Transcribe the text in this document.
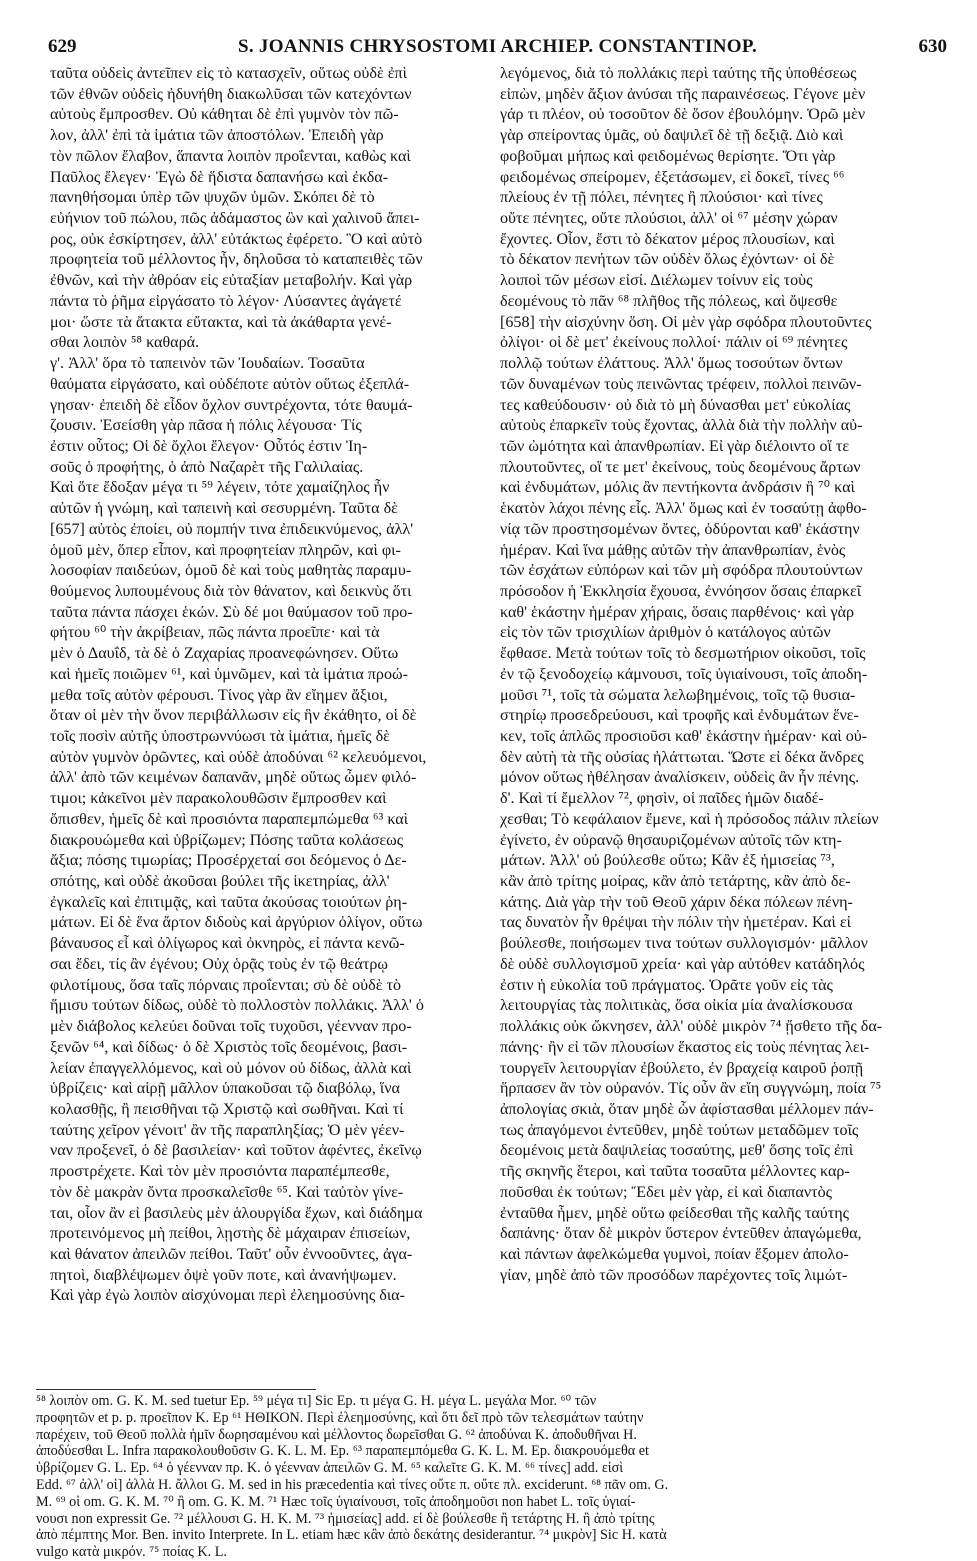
629	S. JOANNIS CHRYSOSTOMI ARCHIEP. CONSTANTINOP.	630
ταῦτα οὐδεὶς ἀντεῖπεν εἰς τὸ κατασχεῖν, οὕτως οὐδὲ ἐπὶ
τῶν ἐθνῶν οὐδεὶς ἠδυνήθη διακωλῦσαι τῶν κατεχόντων
αὐτοὺς ἔμπροσθεν. Οὐ κάθηται δὲ ἐπὶ γυμνὸν τὸν πῶ-
λον, ἀλλ' ἐπὶ τὰ ἱμάτια τῶν ἀποστόλων. Ἐπειδὴ γὰρ
τὸν πῶλον ἔλαβον, ἅπαντα λοιπὸν προΐενται, καθὼς καὶ
Παῦλος ἔλεγεν· Ἐγὼ δὲ ἥδιστα δαπανήσω καὶ ἐκδα-
πανηθήσομαι ὑπὲρ τῶν ψυχῶν ὑμῶν. Σκόπει δὲ τὸ
εὐήνιον τοῦ πώλου, πῶς ἀδάμαστος ὢν καὶ χαλινοῦ ἄπει-
ρος, οὐκ ἐσκίρτησεν, ἀλλ' εὐτάκτως ἐφέρετο. Ὃ καὶ αὐτὸ
προφητεία τοῦ μέλλοντος ἦν, δηλοῦσα τὸ καταπειθὲς τῶν
ἐθνῶν, καὶ τὴν ἀθρόαν εἰς εὐταξίαν μεταβολήν. Καὶ γὰρ
πάντα τὸ ῥῆμα εἰργάσατο τὸ λέγον· Λύσαντες ἀγάγετέ
μοι· ὥστε τὰ ἄτακτα εὔτακτα, καὶ τὰ ἀκάθαρτα γενέ-
σθαι λοιπὸν ⁵⁸ καθαρά.
γ'. Ἀλλ' ὅρα τὸ ταπεινὸν τῶν Ἰουδαίων. Τοσαῦτα
θαύματα εἰργάσατο, καὶ οὐδέποτε αὐτὸν οὕτως ἐξεπλά-
γησαν· ἐπειδὴ δὲ εἶδον ὄχλον συντρέχοντα, τότε θαυμά-
ζουσιν. Ἐσείσθη γὰρ πᾶσα ἡ πόλις λέγουσα· Τίς
ἐστιν οὗτος; Οἱ δὲ ὄχλοι ἔλεγον· Οὗτός ἐστιν Ἰη-
σοῦς ὁ προφήτης, ὁ ἀπὸ Ναζαρὲτ τῆς Γαλιλαίας.
Καὶ ὅτε ἔδοξαν μέγα τι ⁵⁹ λέγειν, τότε χαμαίζηλος ἦν
αὐτῶν ἡ γνώμη, καὶ ταπεινὴ καὶ σεσυρμένη. Ταῦτα δὲ
[657] αὐτὸς ἐποίει, οὐ πομπήν τινα ἐπιδεικνύμενος, ἀλλ'
ὁμοῦ μὲν, ὅπερ εἶπον, καὶ προφητείαν πληρῶν, καὶ φι-
λοσοφίαν παιδεύων, ὁμοῦ δὲ καὶ τοὺς μαθητὰς παραμυ-
θούμενος λυπουμένους διὰ τὸν θάνατον, καὶ δεικνὺς ὅτι
ταῦτα πάντα πάσχει ἑκών. Σὺ δέ μοι θαύμασον τοῦ προ-
φήτου ⁶⁰ τὴν ἀκρίβειαν, πῶς πάντα προεῖπε· καὶ τὰ
μὲν ὁ Δαυΐδ, τὰ δὲ ὁ Ζαχαρίας προανεφώνησεν. Οὕτω
καὶ ἡμεῖς ποιῶμεν ⁶¹, καὶ ὑμνῶμεν, καὶ τὰ ἱμάτια προώ-
μεθα τοῖς αὐτὸν φέρουσι. Τίνος γὰρ ἂν εἴημεν ἄξιοι,
ὅταν οἱ μὲν τὴν ὄνον περιβάλλωσιν εἰς ἣν ἐκάθητο, οἱ δὲ
τοῖς ποσὶν αὐτῆς ὑποστρωννύωσι τὰ ἱμάτια, ἡμεῖς δὲ
αὐτὸν γυμνὸν ὁρῶντες, καὶ οὐδὲ ἀποδύναι ⁶² κελευόμενοι,
ἀλλ' ἀπὸ τῶν κειμένων δαπανᾶν, μηδὲ οὕτως ὦμεν φιλό-
τιμοι; κἀκεῖνοι μὲν παρακολουθῶσιν ἔμπροσθεν καὶ
ὄπισθεν, ἡμεῖς δὲ καὶ προσιόντα παραπεμπώμεθα ⁶³ καὶ
διακρουώμεθα καὶ ὑβρίζωμεν; Πόσης ταῦτα κολάσεως
ἄξια; πόσης τιμωρίας; Προσέρχεταί σοι δεόμενος ὁ Δε-
σπότης, καὶ οὐδὲ ἀκοῦσαι βούλει τῆς ἱκετηρίας, ἀλλ'
ἐγκαλεῖς καὶ ἐπιτιμᾷς, καὶ ταῦτα ἀκούσας τοιούτων ῥη-
μάτων. Εἰ δὲ ἕνα ἄρτον διδοὺς καὶ ἀργύριον ὀλίγον, οὕτω
βάναυσος εἶ καὶ ὀλίγωρος καὶ ὀκνηρὸς, εἰ πάντα κενῶ-
σαι ἔδει, τίς ἂν ἐγένου; Οὐχ ὁρᾷς τοὺς ἐν τῷ θεάτρῳ
φιλοτίμους, ὅσα ταῖς πόρναις προΐενται; σὺ δὲ οὐδὲ τὸ
ἥμισυ τούτων δίδως, οὐδὲ τὸ πολλοστὸν πολλάκις. Ἀλλ' ὁ
μὲν διάβολος κελεύει δοῦναι τοῖς τυχοῦσι, γέενναν προ-
ξενῶν ⁶⁴, καὶ δίδως· ὁ δὲ Χριστὸς τοῖς δεομένοις, βασι-
λείαν ἐπαγγελλόμενος, καὶ οὐ μόνον οὐ δίδως, ἀλλὰ καὶ
ὑβρίζεις· καὶ αἱρῇ μᾶλλον ὑπακοῦσαι τῷ διαβόλῳ, ἵνα
κολασθῇς, ἢ πεισθῆναι τῷ Χριστῷ καὶ σωθῆναι. Καὶ τί
ταύτης χεῖρον γένοιτ' ἂν τῆς παραπληξίας; Ὁ μὲν γέεν-
ναν προξενεῖ, ὁ δὲ βασιλείαν· καὶ τοῦτον ἀφέντες, ἐκεῖνῳ
προστρέχετε. Καὶ τὸν μὲν προσιόντα παραπέμπεσθε,
τὸν δὲ μακρὰν ὄντα προσκαλεῖσθε ⁶⁵. Καὶ ταὐτὸν γίνε-
ται, οἷον ἂν εἰ βασιλεὺς μὲν ἁλουργίδα ἔχων, καὶ διάδημα
προτεινόμενος μὴ πείθοι, λῃστὴς δὲ μάχαιραν ἐπισείων,
καὶ θάνατον ἀπειλῶν πείθοι. Ταῦτ' οὖν ἐννοοῦντες, ἀγα-
πητοὶ, διαβλέψωμεν ὀψὲ γοῦν ποτε, καὶ ἀνανήψωμεν.
Καὶ γὰρ ἐγὼ λοιπὸν αἰσχύνομαι περὶ ἐλεημοσύνης δια-
λεγόμενος, διὰ τὸ πολλάκις περὶ ταύτης τῆς ὑποθέσεως
εἰπὼν, μηδὲν ἄξιον ἀνύσαι τῆς παραινέσεως. Γέγονε μὲν
γάρ τι πλέον, οὐ τοσοῦτον δὲ ὅσον ἐβουλόμην. Ὁρῶ μὲν
γὰρ σπείροντας ὑμᾶς, οὐ δαψιλεῖ δὲ τῇ δεξιᾷ. Διὸ καὶ
φοβοῦμαι μήπως καὶ φειδομένως θερίσητε. Ὅτι γὰρ
φειδομένως σπείρομεν, ἐξετάσωμεν, εἰ δοκεῖ, τίνες ⁶⁶
πλείους ἐν τῇ πόλει, πένητες ἢ πλούσιοι· καὶ τίνες
οὔτε πένητες, οὔτε πλούσιοι, ἀλλ' οἱ ⁶⁷ μέσην χώραν
ἔχοντες. Οἷον, ἔστι τὸ δέκατον μέρος πλουσίων, καὶ
τὸ δέκατον πενήτων τῶν οὐδὲν ὅλως ἐχόντων· οἱ δὲ
λοιποὶ τῶν μέσων εἰσί. Διέλωμεν τοίνυν εἰς τοὺς
δεομένους τὸ πᾶν ⁶⁸ πλῆθος τῆς πόλεως, καὶ ὄψεσθε
[658] τὴν αἰσχύνην ὅση. Οἱ μὲν γὰρ σφόδρα πλουτοῦντες
ὀλίγοι· οἱ δὲ μετ' ἐκείνους πολλοί· πάλιν οἱ ⁶⁹ πένητες
πολλῷ τούτων ἐλάττους. Ἀλλ' ὅμως τοσούτων ὄντων
τῶν δυναμένων τοὺς πεινῶντας τρέφειν, πολλοὶ πεινῶν-
τες καθεύδουσιν· οὐ διὰ τὸ μὴ δύνασθαι μετ' εὐκολίας
αὐτοὺς ἐπαρκεῖν τοὺς ἔχοντας, ἀλλὰ διὰ τὴν πολλὴν αὐ-
τῶν ὠμότητα καὶ ἀπανθρωπίαν. Εἰ γὰρ διέλοιντο οἵ τε
πλουτοῦντες, οἵ τε μετ' ἐκείνους, τοὺς δεομένους ἄρτων
καὶ ἐνδυμάτων, μόλις ἂν πεντήκοντα ἀνδράσιν ἢ ⁷⁰ καὶ
ἑκατὸν λάχοι πένης εἷς. Ἀλλ' ὅμως καὶ ἐν τοσαύτῃ ἀφθο-
νίᾳ τῶν προστησομένων ὄντες, ὀδύρονται καθ' ἑκάστην
ἡμέραν. Καὶ ἵνα μάθῃς αὐτῶν τὴν ἀπανθρωπίαν, ἑνὸς
τῶν ἐσχάτων εὐπόρων καὶ τῶν μὴ σφόδρα πλουτούντων
πρόσοδον ἡ Ἐκκλησία ἔχουσα, ἐννόησον ὅσαις ἐπαρκεῖ
καθ' ἑκάστην ἡμέραν χήραις, ὅσαις παρθένοις· καὶ γὰρ
εἰς τὸν τῶν τρισχιλίων ἀριθμὸν ὁ κατάλογος αὐτῶν
ἔφθασε. Μετὰ τούτων τοῖς τὸ δεσμωτήριον οἰκοῦσι, τοῖς
ἐν τῷ ξενοδοχείῳ κάμνουσι, τοῖς ὑγιαίνουσι, τοῖς ἀποδη-
μοῦσι ⁷¹, τοῖς τὰ σώματα λελωβημένοις, τοῖς τῷ θυσια-
στηρίῳ προσεδρεύουσι, καὶ τροφῆς καὶ ἐνδυμάτων ἕνε-
κεν, τοῖς ἁπλῶς προσιοῦσι καθ' ἑκάστην ἡμέραν· καὶ οὐ-
δὲν αὐτὴ τὰ τῆς οὐσίας ἠλάττωται. Ὥστε εἰ δέκα ἄνδρες
μόνον οὕτως ἠθέλησαν ἀναλίσκειν, οὐδεὶς ἂν ἦν πένης.
δ'. Καὶ τί ἔμελλον ⁷², φησὶν, οἱ παῖδες ἡμῶν διαδέ-
χεσθαι; Τὸ κεφάλαιον ἔμενε, καὶ ἡ πρόσοδος πάλιν πλείων
ἐγίνετο, ἐν οὐρανῷ θησαυριζομένων αὐτοῖς τῶν κτη-
μάτων. Ἀλλ' οὐ βούλεσθε οὕτω; Κἂν ἐξ ἡμισείας ⁷³,
κἂν ἀπὸ τρίτης μοίρας, κἂν ἀπὸ τετάρτης, κἂν ἀπὸ δε-
κάτης. Διὰ γὰρ τὴν τοῦ Θεοῦ χάριν δέκα πόλεων πένη-
τας δυνατὸν ἦν θρέψαι τὴν πόλιν τὴν ἡμετέραν. Καὶ εἰ
βούλεσθε, ποιήσωμεν τινα τούτων συλλογισμόν· μᾶλλον
δὲ οὐδὲ συλλογισμοῦ χρεία· καὶ γὰρ αὐτόθεν κατάδηλός
ἐστιν ἡ εὐκολία τοῦ πράγματος. Ὁρᾶτε γοῦν εἰς τὰς
λειτουργίας τὰς πολιτικὰς, ὅσα οἰκία μία ἀναλίσκουσα
πολλάκις οὐκ ὤκνησεν, ἀλλ' οὐδὲ μικρὸν ⁷⁴ ᾔσθετο τῆς δα-
πάνης· ἢν εἰ τῶν πλουσίων ἕκαστος εἰς τοὺς πένητας λει-
τουργεῖν λειτουργίαν ἐβούλετο, ἐν βραχείᾳ καιροῦ ῥοπῇ
ἥρπασεν ἂν τὸν οὐρανόν. Τίς οὖν ἂν εἴη συγγνώμη, ποία ⁷⁵
ἀπολογίας σκιὰ, ὅταν μηδὲ ὧν ἀφίστασθαι μέλλομεν πάν-
τως ἀπαγόμενοι ἐντεῦθεν, μηδὲ τούτων μεταδῶμεν τοῖς
δεομένοις μετὰ δαψιλείας τοσαύτης, μεθ' ὅσης τοῖς ἐπὶ
τῆς σκηνῆς ἕτεροι, καὶ ταῦτα τοσαῦτα μέλλοντες καρ-
ποῦσθαι ἐκ τούτων; Ἔδει μὲν γὰρ, εἰ καὶ διαπαντὸς
ἐνταῦθα ἦμεν, μηδὲ οὕτω φείδεσθαι τῆς καλῆς ταύτης
δαπάνης· ὅταν δὲ μικρὸν ὕστερον ἐντεῦθεν ἀπαγώμεθα,
καὶ πάντων ἀφελκώμεθα γυμνοὶ, ποίαν ἕξομεν ἀπολο-
γίαν, μηδὲ ἀπὸ τῶν προσόδων παρέχοντες τοῖς λιμώτ-
⁵⁸ λοιπὸν om. G. K. M. sed tuetur Ep. ⁵⁹ μέγα τι] Sic Ep. τι μέγα G. H. μέγα L. μεγάλα Mor. ⁶⁰ τῶν
προφητῶν et p. p. προεῖπον K. Ep ⁶¹ ΗΘΙΚΟΝ. Περὶ ἐλεημοσύνης, καὶ ὅτι δεῖ πρὸ τῶν τελεσμάτων ταύτην
παρέχειν, τοῦ Θεοῦ πολλὰ ἡμῖν δωρησαμένου καὶ μέλλοντος δωρεῖσθαι G. ⁶² ἀποδύναι K. ἀποδυθῆναι H.
ἀποδύεσθαι L. Infra παρακολουθοῦσιν G. K. L. M. Ep. ⁶³ παραπεμπόμεθα G. K. L. M. Ep. διακρουόμεθα et
ὑβρίζομεν G. L. Ep. ⁶⁴ ὁ γέενναν πρ. K. ὁ γέενναν ἀπειλῶν G. M. ⁶⁵ καλεῖτε G. K. M. ⁶⁶ τίνες] add. εἰσὶ
Edd. ⁶⁷ ἀλλ' οἱ] ἀλλὰ H. ἄλλοι G. M. sed in his præcedentia καὶ τίνες οὔτε π. οὔτε πλ. exciderunt. ⁶⁸ πᾶν om. G.
M. ⁶⁹ οἱ om. G. K. M. ⁷⁰ ἢ om. G. K. M. ⁷¹ Hæc τοῖς ὑγιαίνουσι, τοῖς ἀποδημοῦσι non habet L. τοῖς ὑγιαί-
νουσι non expressit Ge. ⁷² μέλλουσι G. H. K. M. ⁷³ ἡμισείας] add. εἰ δὲ βούλεσθε ἢ τετάρτης H. ἢ ἀπὸ τρίτης
ἀπὸ πέμπτης Mor. Ben. invito Interprete. In L. etiam hæc κἂν ἀπὸ δεκάτης desiderantur. ⁷⁴ μικρὸν] Sic H. κατὰ
vulgo κατὰ μικρόν. ⁷⁵ ποίας K. L.
